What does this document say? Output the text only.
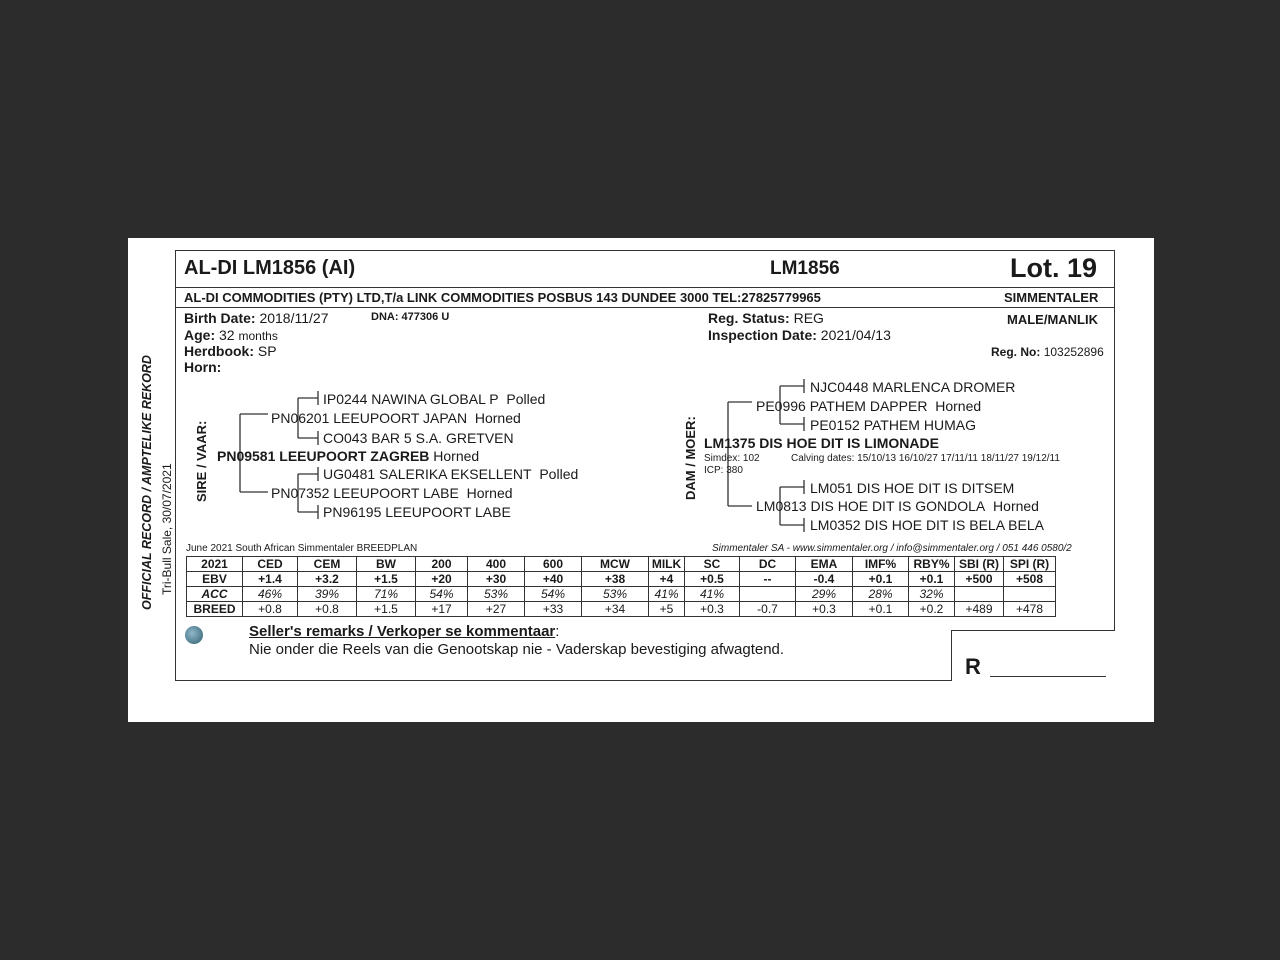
OFFICIAL RECORD / AMPTELIKE REKORD Tri-Bull Sale, 30/07/2021
AL-DI LM1856 (AI)	LM1856	Lot. 19
AL-DI COMMODITIES (PTY) LTD,T/a LINK COMMODITIES POSBUS 143 DUNDEE 3000 TEL:27825779965	SIMMENTALER
Birth Date: 2018/11/27	DNA: 477306 U
Age: 32 months
Herdbook: SP
Horn:
Reg. Status: REG
Inspection Date: 2021/04/13
MALE/MANLIK
Reg. No: 103252896
SIRE / VAAR:
IP0244 NAWINA GLOBAL P Polled
PN06201 LEEUPOORT JAPAN Horned
CO043 BAR 5 S.A. GRETVEN
PN09581 LEEUPOORT ZAGREB Horned
UG0481 SALERIKA EKSELLENT Polled
PN07352 LEEUPOORT LABE Horned
PN96195 LEEUPOORT LABE
DAM / MOER:
NJC0448 MARLENCA DROMER
PE0996 PATHEM DAPPER Horned
PE0152 PATHEM HUMAG
LM1375 DIS HOE DIT IS LIMONADE
Simdex: 102	Calving dates: 15/10/13 16/10/27 17/11/11 18/11/27 19/12/11
ICP: 380
LM051 DIS HOE DIT IS DITSEM
LM0813 DIS HOE DIT IS GONDOLA Horned
LM0352 DIS HOE DIT IS BELA BELA
June 2021 South African Simmentaler BREEDPLAN	Simmentaler SA - www.simmentaler.org / info@simmentaler.org / 051 446 0580/2
2021	CED	CEM	BW	200	400	600	MCW	MILK	SC	DC	EMA	IMF%	RBY%	SBI (R)	SPI (R)
EBV	+1.4	+3.2	+1.5	+20	+30	+40	+38	+4	+0.5	--	-0.4	+0.1	+0.1	+500	+508
ACC	46%	39%	71%	54%	53%	54%	53%	41%	41%		29%	28%	32%		
BREED	+0.8	+0.8	+1.5	+17	+27	+33	+34	+5	+0.3	-0.7	+0.3	+0.1	+0.2	+489	+478
Seller's remarks / Verkoper se kommentaar:
Nie onder die Reels van die Genootskap nie - Vaderskap bevestiging afwagtend.
R
